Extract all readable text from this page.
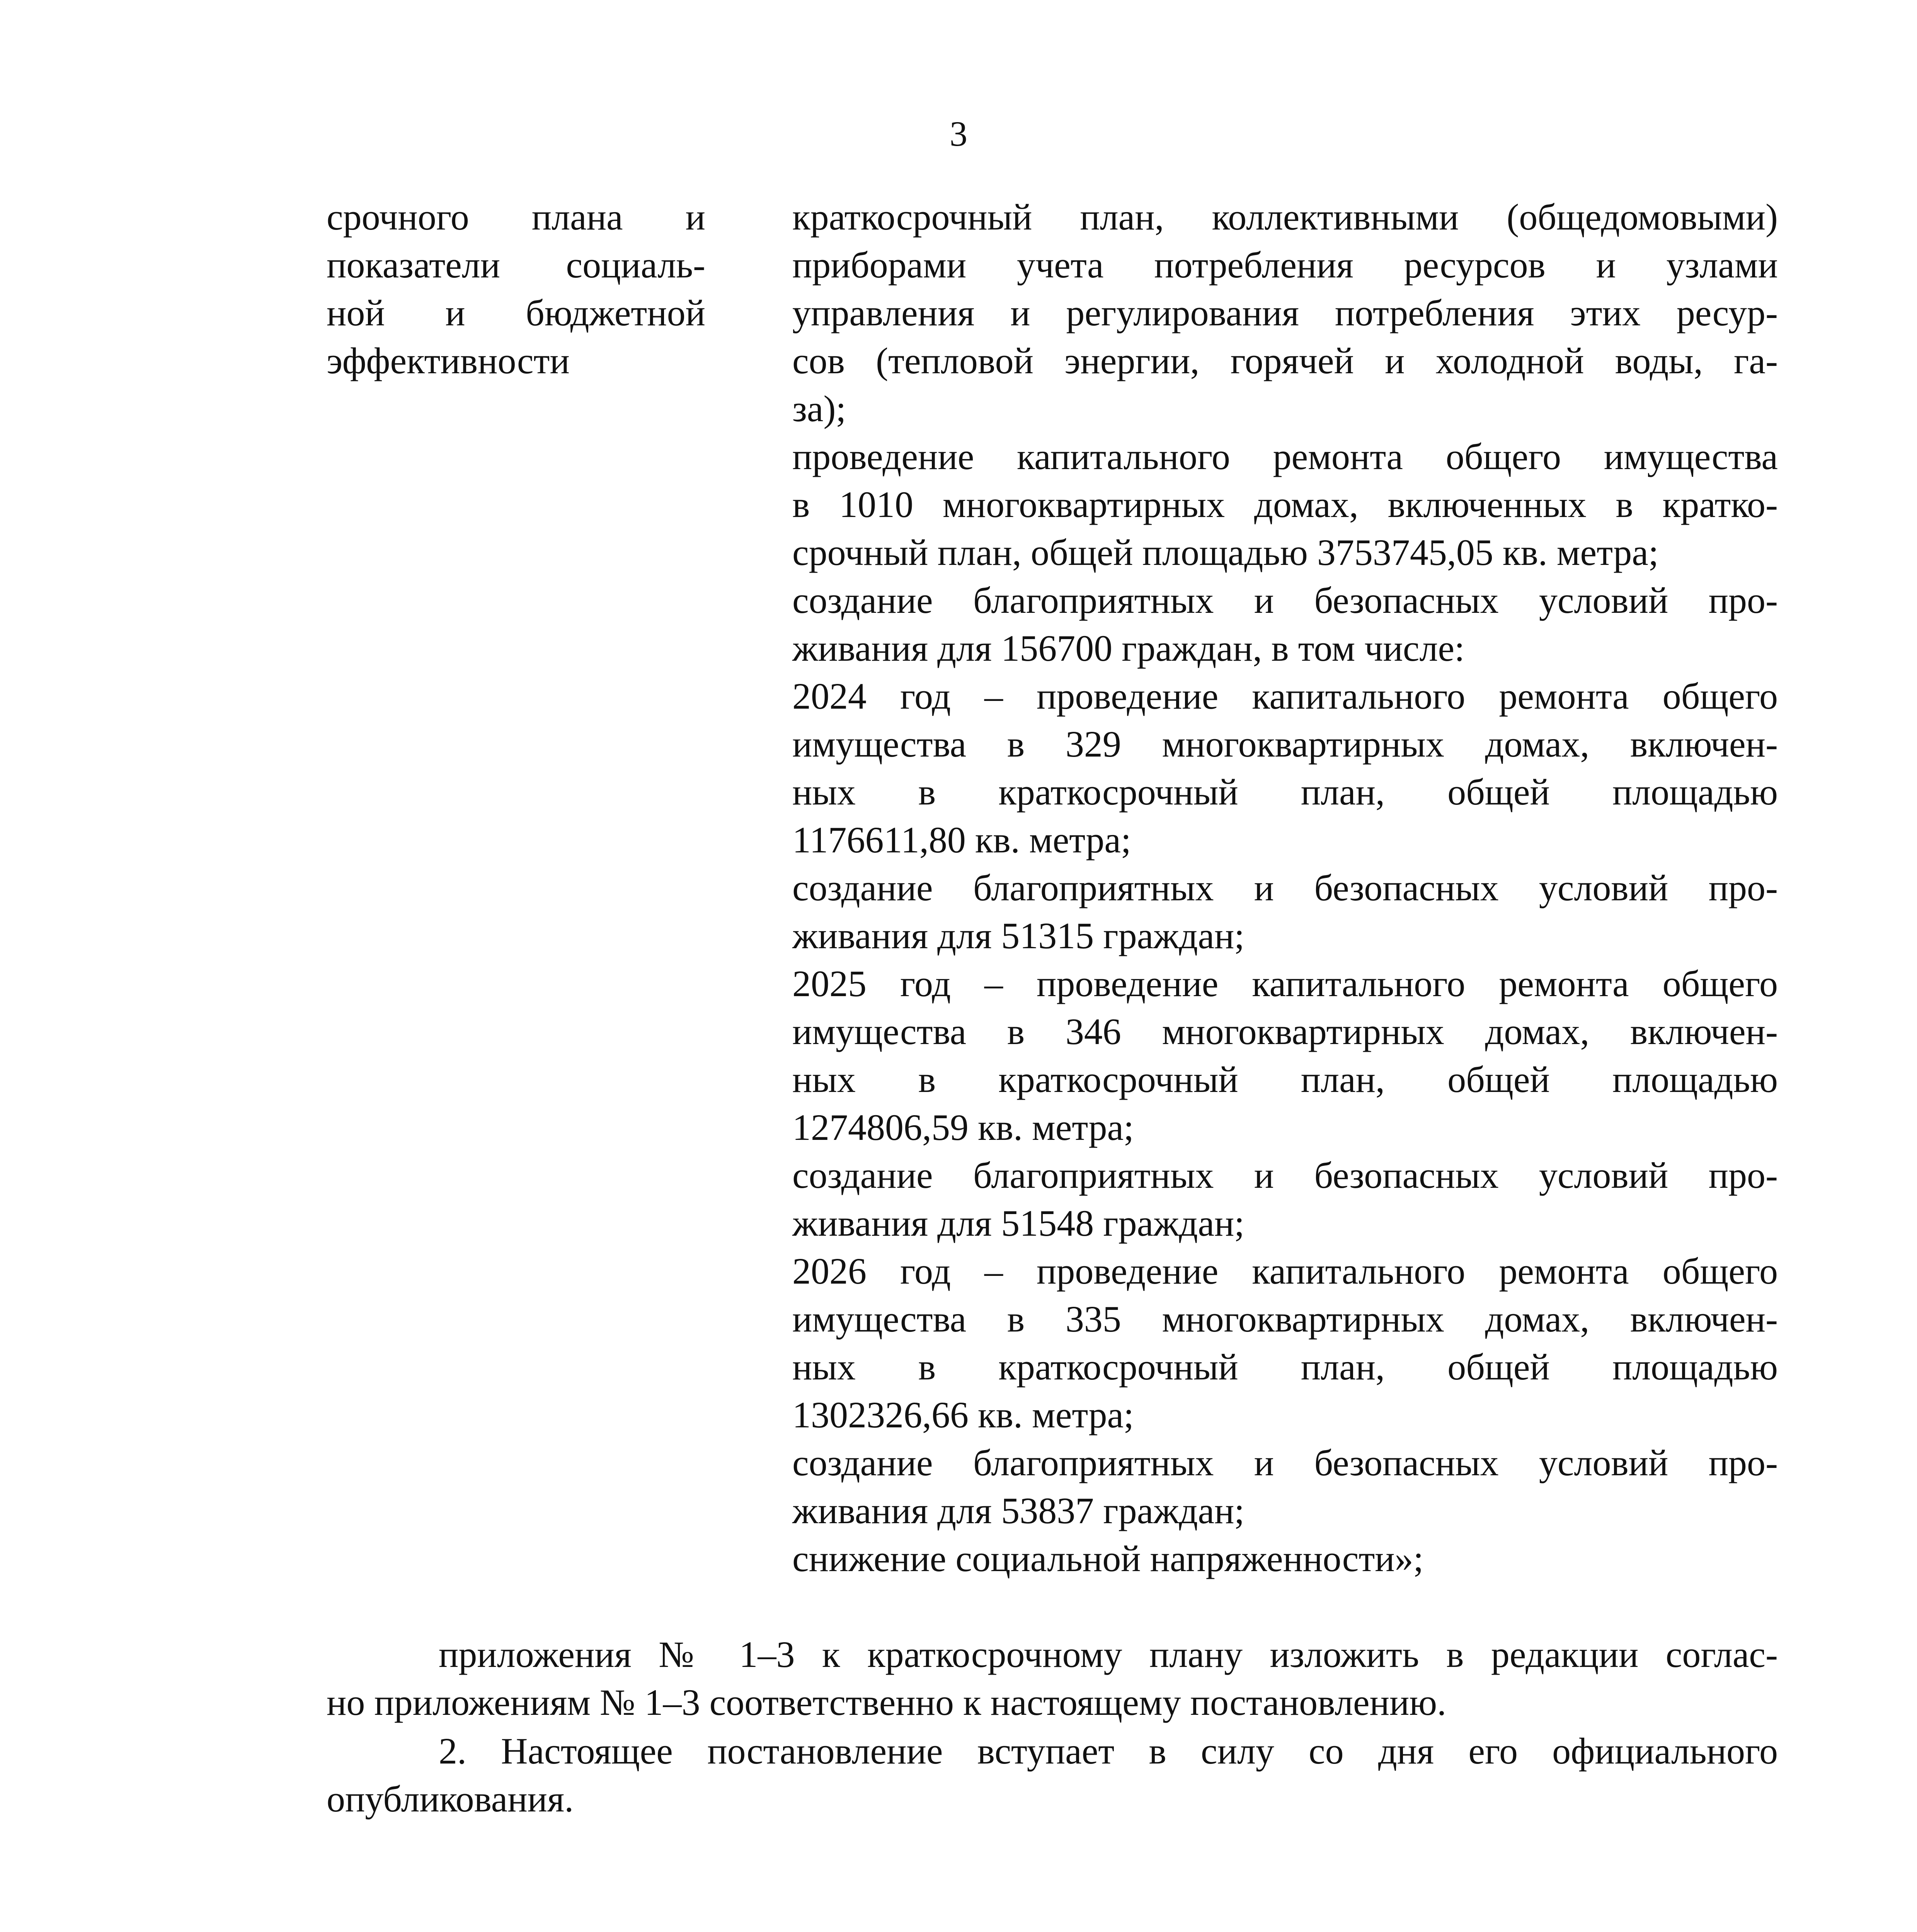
3
срочного плана и
показатели социаль-
ной и бюджетной
эффективности
краткосрочный план, коллективными (общедомовыми)
приборами учета потребления ресурсов и узлами
управления и регулирования потребления этих ресур-
сов (тепловой энергии, горячей и холодной воды, га-
за);
проведение капитального ремонта общего имущества
в 1010 многоквартирных домах, включенных в кратко-
срочный план, общей площадью 3753745,05 кв. метра;
создание благоприятных и безопасных условий про-
живания для 156700 граждан, в том числе:
2024 год – проведение капитального ремонта общего
имущества в 329 многоквартирных домах, включен-
ных в краткосрочный план, общей площадью
1176611,80 кв. метра;
создание благоприятных и безопасных условий про-
живания для 51315 граждан;
2025 год – проведение капитального ремонта общего
имущества в 346 многоквартирных домах, включен-
ных в краткосрочный план, общей площадью
1274806,59 кв. метра;
создание благоприятных и безопасных условий про-
живания для 51548 граждан;
2026 год – проведение капитального ремонта общего
имущества в 335 многоквартирных домах, включен-
ных в краткосрочный план, общей площадью
1302326,66 кв. метра;
создание благоприятных и безопасных условий про-
живания для 53837 граждан;
снижение социальной напряженности»;
приложения № 1–3 к краткосрочному плану изложить в редакции соглас-
но приложениям № 1–3 соответственно к настоящему постановлению.
2. Настоящее постановление вступает в силу со дня его официального
опубликования.
